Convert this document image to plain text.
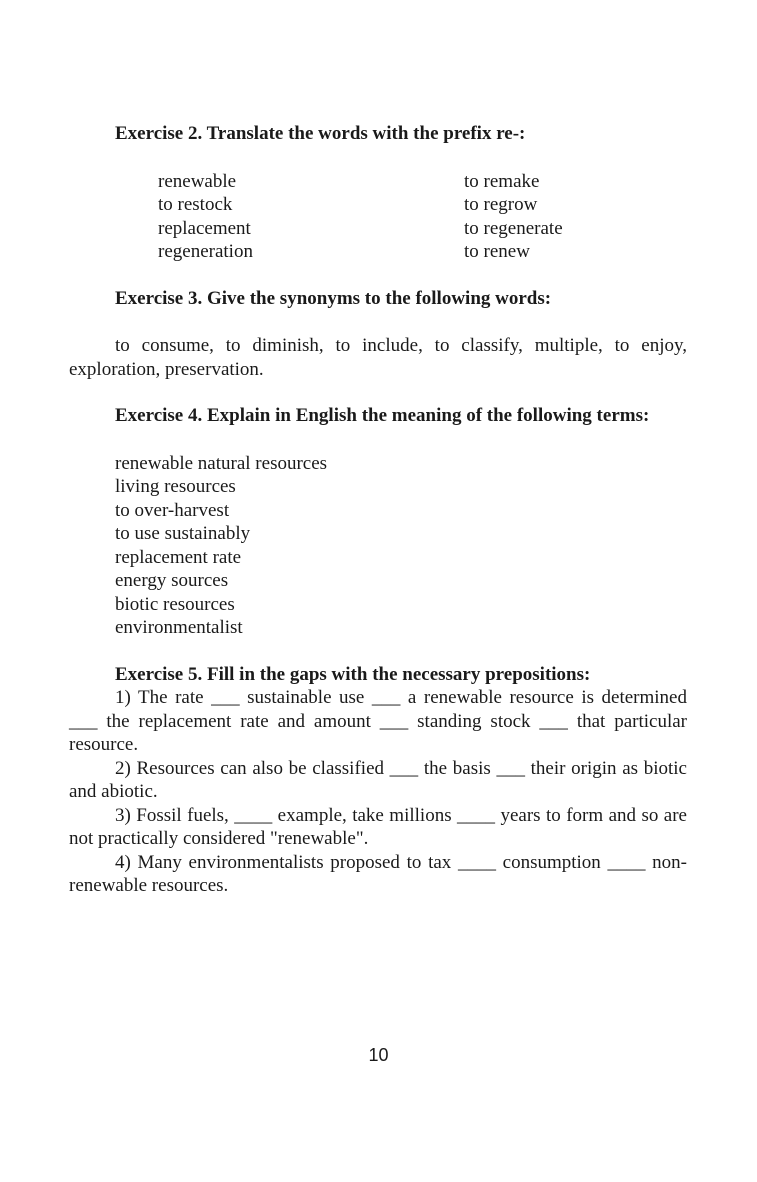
Exercise 2. Translate the words with the prefix re-:

renewable
to restock
replacement
regeneration
to remake
to regrow
to regenerate
to renew

Exercise 3. Give the synonyms to the following words:

to consume, to diminish, to include, to classify, multiple, to enjoy, exploration, preservation.

Exercise 4. Explain in English the meaning of the following terms:

renewable natural resources
living resources
to over-harvest
to use sustainably
replacement rate
energy sources
biotic resources
environmentalist

Exercise 5. Fill in the gaps with the necessary prepositions:

1) The rate ___ sustainable use ___ a renewable resource is determined ___ the replacement rate and amount ___ standing stock ___ that particular resource.

2) Resources can also be classified ___ the basis ___ their origin as biotic and abiotic.

3) Fossil fuels, ____ example, take millions ____ years to form and so are not practically considered "renewable".

4) Many environmentalists proposed to tax ____ consumption ____ non-renewable resources.

10
